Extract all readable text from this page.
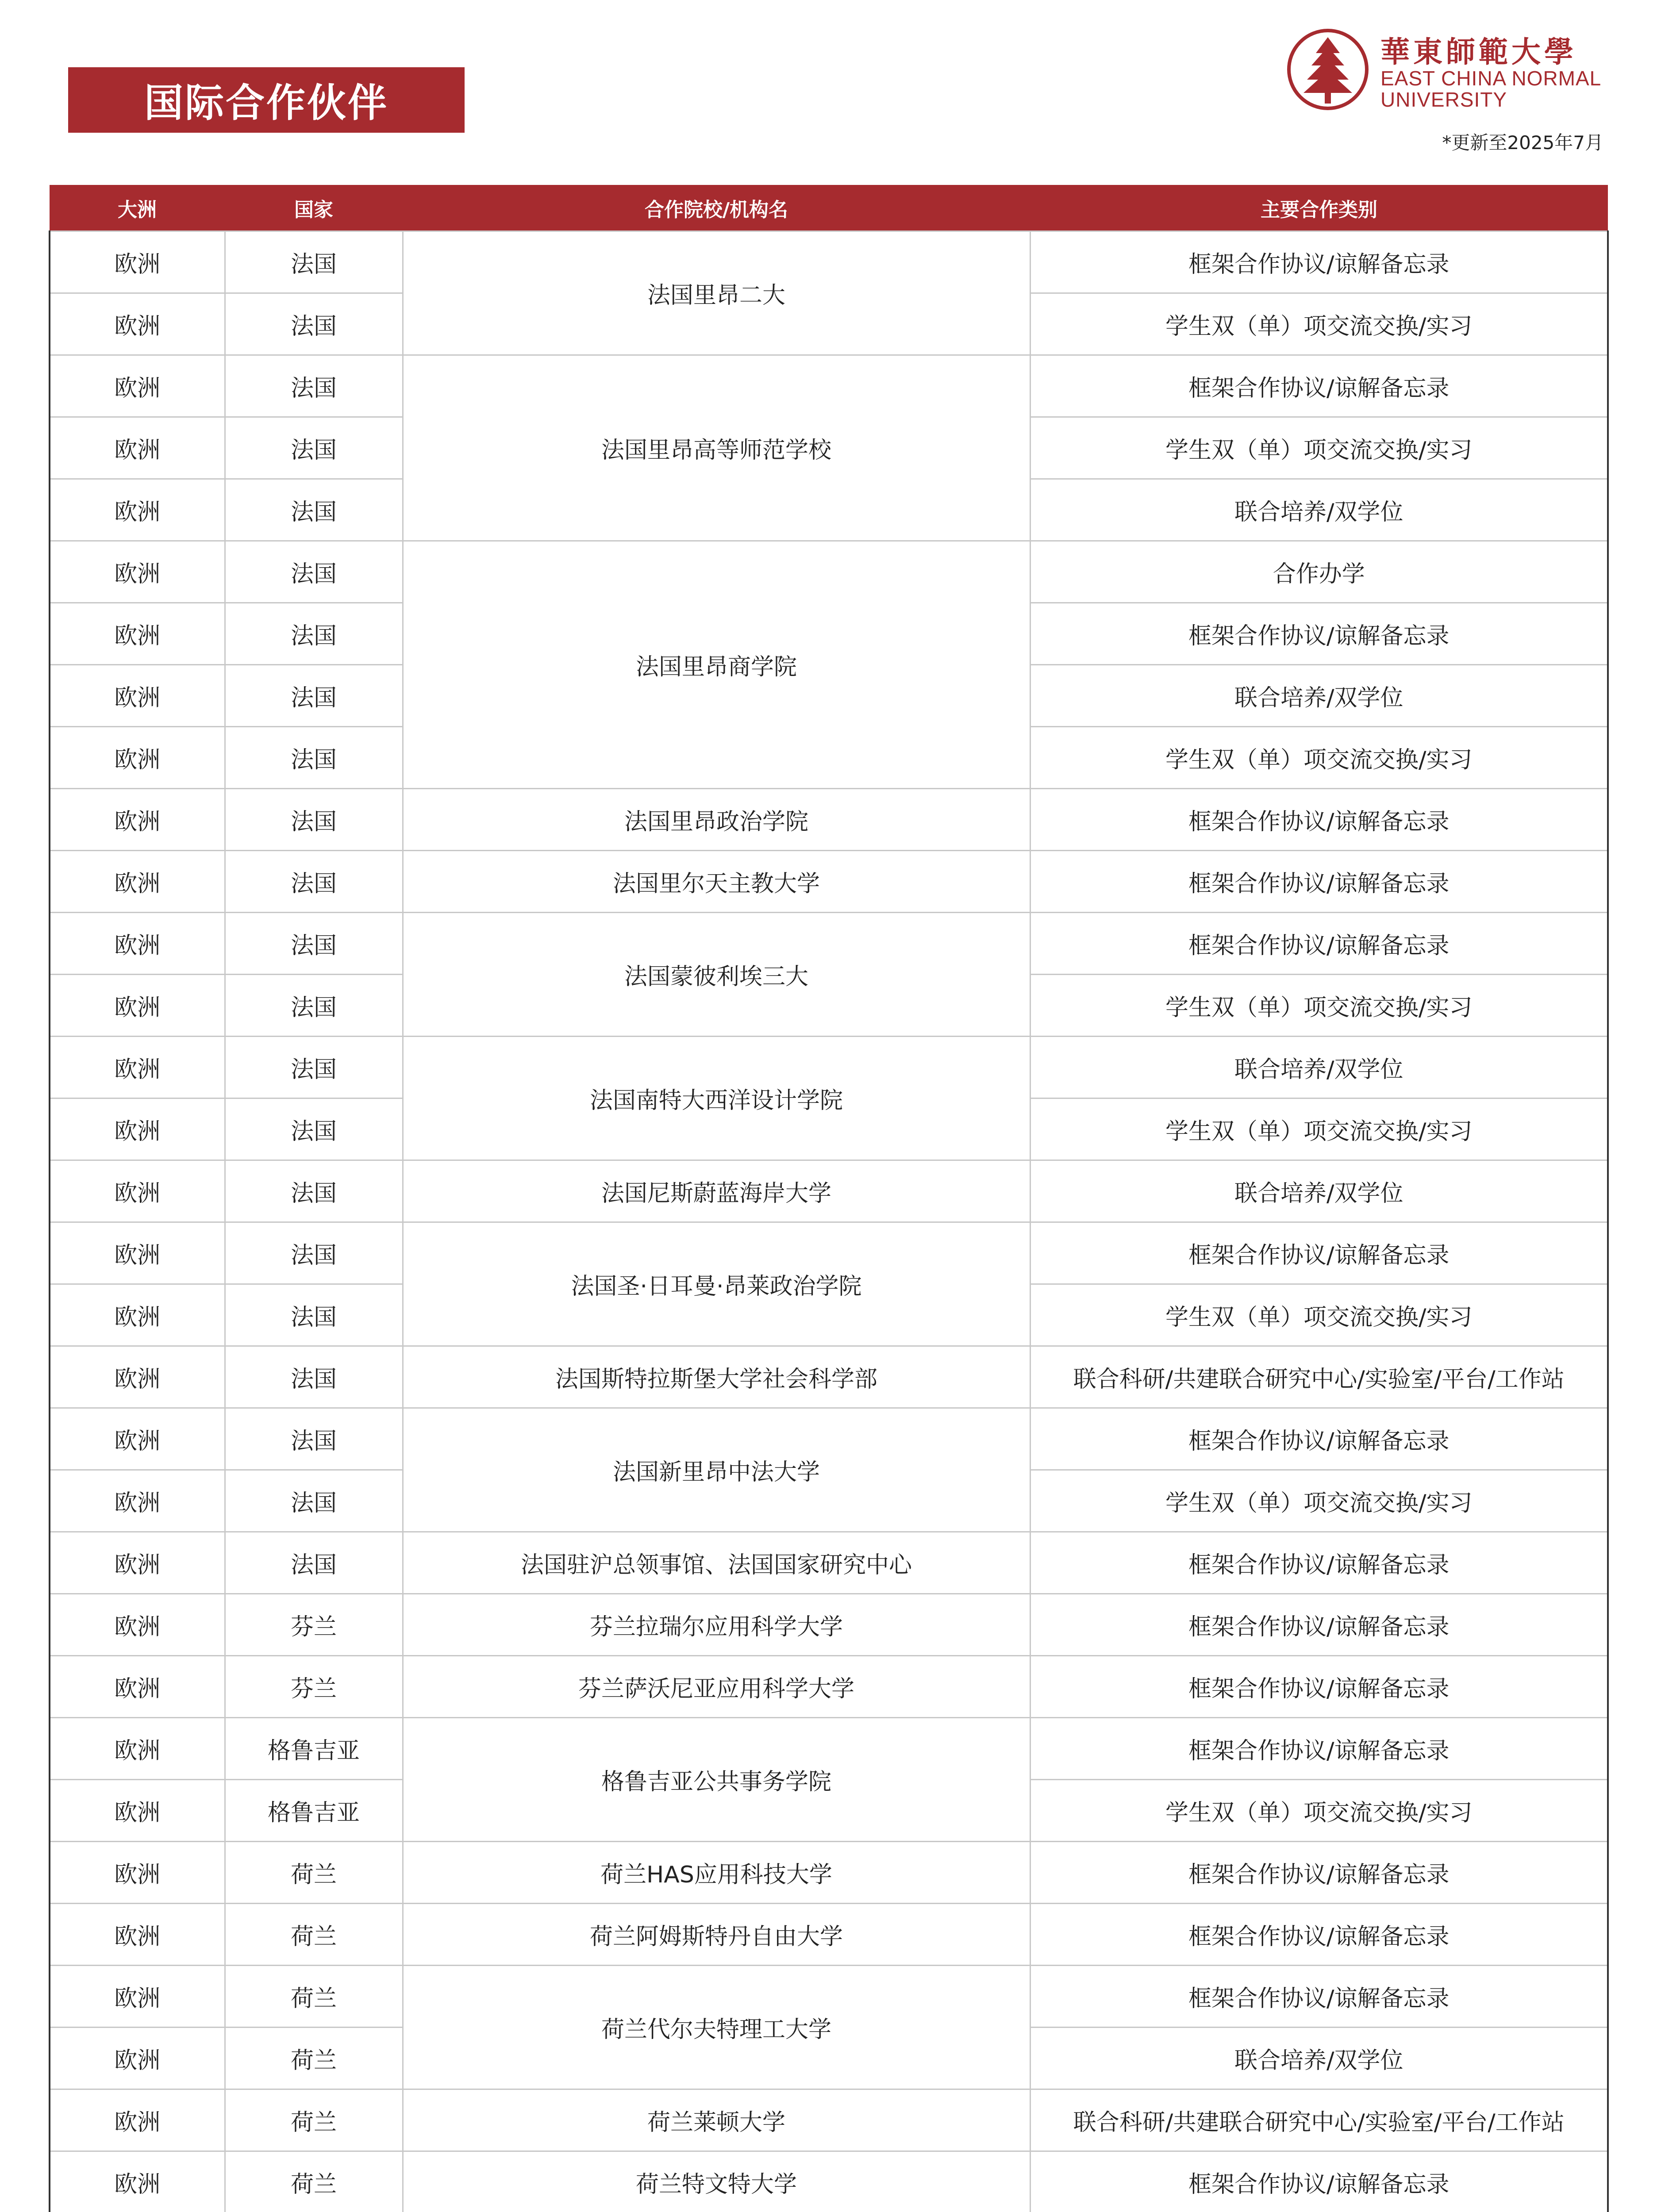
国际合作伙伴
華東師範大學
EAST CHINA NORMAL
UNIVERSITY
*更新至2025年7月
大洲	国家	合作院校/机构名	主要合作类别
欧洲	法国	法国里昂二大	框架合作协议/谅解备忘录
欧洲	法国		学生双（单）项交流交换/实习
欧洲	法国	法国里昂高等师范学校	框架合作协议/谅解备忘录
欧洲	法国		学生双（单）项交流交换/实习
欧洲	法国		联合培养/双学位
欧洲	法国	法国里昂商学院	合作办学
欧洲	法国		框架合作协议/谅解备忘录
欧洲	法国		联合培养/双学位
欧洲	法国		学生双（单）项交流交换/实习
欧洲	法国	法国里昂政治学院	框架合作协议/谅解备忘录
欧洲	法国	法国里尔天主教大学	框架合作协议/谅解备忘录
欧洲	法国	法国蒙彼利埃三大	框架合作协议/谅解备忘录
欧洲	法国		学生双（单）项交流交换/实习
欧洲	法国	法国南特大西洋设计学院	联合培养/双学位
欧洲	法国		学生双（单）项交流交换/实习
欧洲	法国	法国尼斯蔚蓝海岸大学	联合培养/双学位
欧洲	法国	法国圣·日耳曼·昂莱政治学院	框架合作协议/谅解备忘录
欧洲	法国		学生双（单）项交流交换/实习
欧洲	法国	法国斯特拉斯堡大学社会科学部	联合科研/共建联合研究中心/实验室/平台/工作站
欧洲	法国	法国新里昂中法大学	框架合作协议/谅解备忘录
欧洲	法国		学生双（单）项交流交换/实习
欧洲	法国	法国驻沪总领事馆、法国国家研究中心	框架合作协议/谅解备忘录
欧洲	芬兰	芬兰拉瑞尔应用科学大学	框架合作协议/谅解备忘录
欧洲	芬兰	芬兰萨沃尼亚应用科学大学	框架合作协议/谅解备忘录
欧洲	格鲁吉亚	格鲁吉亚公共事务学院	框架合作协议/谅解备忘录
欧洲	格鲁吉亚		学生双（单）项交流交换/实习
欧洲	荷兰	荷兰HAS应用科技大学	框架合作协议/谅解备忘录
欧洲	荷兰	荷兰阿姆斯特丹自由大学	框架合作协议/谅解备忘录
欧洲	荷兰	荷兰代尔夫特理工大学	框架合作协议/谅解备忘录
欧洲	荷兰		联合培养/双学位
欧洲	荷兰	荷兰莱顿大学	联合科研/共建联合研究中心/实验室/平台/工作站
欧洲	荷兰	荷兰特文特大学	框架合作协议/谅解备忘录
